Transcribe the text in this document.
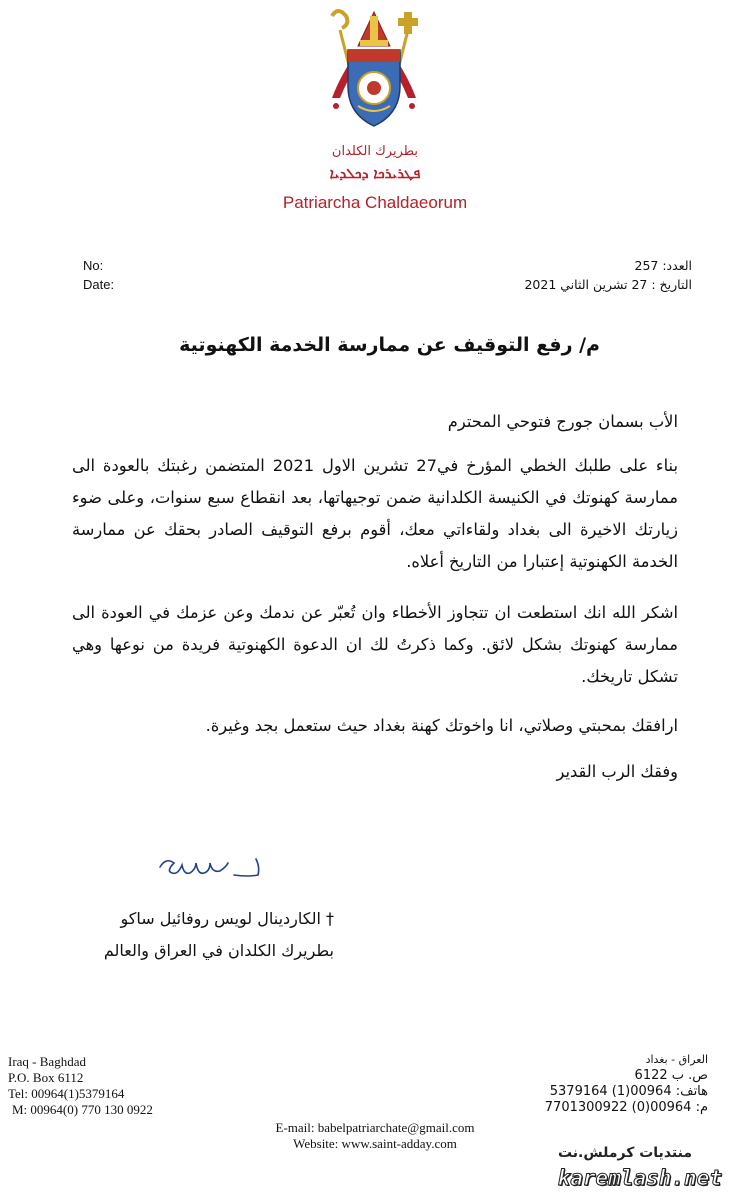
بطريرك الكلدان
ܦܛܪܝܪܟܐ ܕܟܠܕܝܐ
Patriarcha Chaldaeorum
No:
Date:
العدد: 257
التاريخ : 27 تشرين الثاني 2021
م/ رفع التوقيف عن ممارسة الخدمة الكهنوتية
الأب بسمان جورج فتوحي المحترم
بناء على طلبك الخطي المؤرخ في27 تشرين الاول 2021 المتضمن رغبتك بالعودة الى ممارسة كهنوتك في الكنيسة الكلدانية ضمن توجيهاتها، بعد انقطاع سبع سنوات، وعلى ضوء زيارتك الاخيرة الى بغداد ولقاءاتي معك، أقوم برفع التوقيف الصادر بحقك عن ممارسة الخدمة الكهنوتية إعتبارا من التاريخ أعلاه.
اشكر الله انك استطعت ان تتجاوز الأخطاء وان تُعبّر عن ندمك وعن عزمك في العودة الى ممارسة كهنوتك بشكل لائق. وكما ذكرتُ لك ان الدعوة الكهنوتية فريدة من نوعها وهي تشكل تاريخك.
ارافقك بمحبتي وصلاتي، انا واخوتك كهنة بغداد حيث ستعمل بجد وغيرة.
وفقك الرب القدير
† الكاردينال لويس روفائيل ساكو
بطريرك الكلدان في العراق والعالم
Iraq - Baghdad
P.O. Box 6112
Tel: 00964(1)5379164
M: 00964(0) 770 130 0922
العراق - بغداد
ص. ب 6122
هاتف: 00964(1) 5379164
م: 00964(0) 7701300922
E-mail: babelpatriarchate@gmail.com
Website: www.saint-adday.com
منتديات كرملش.نت
karemlash.net
